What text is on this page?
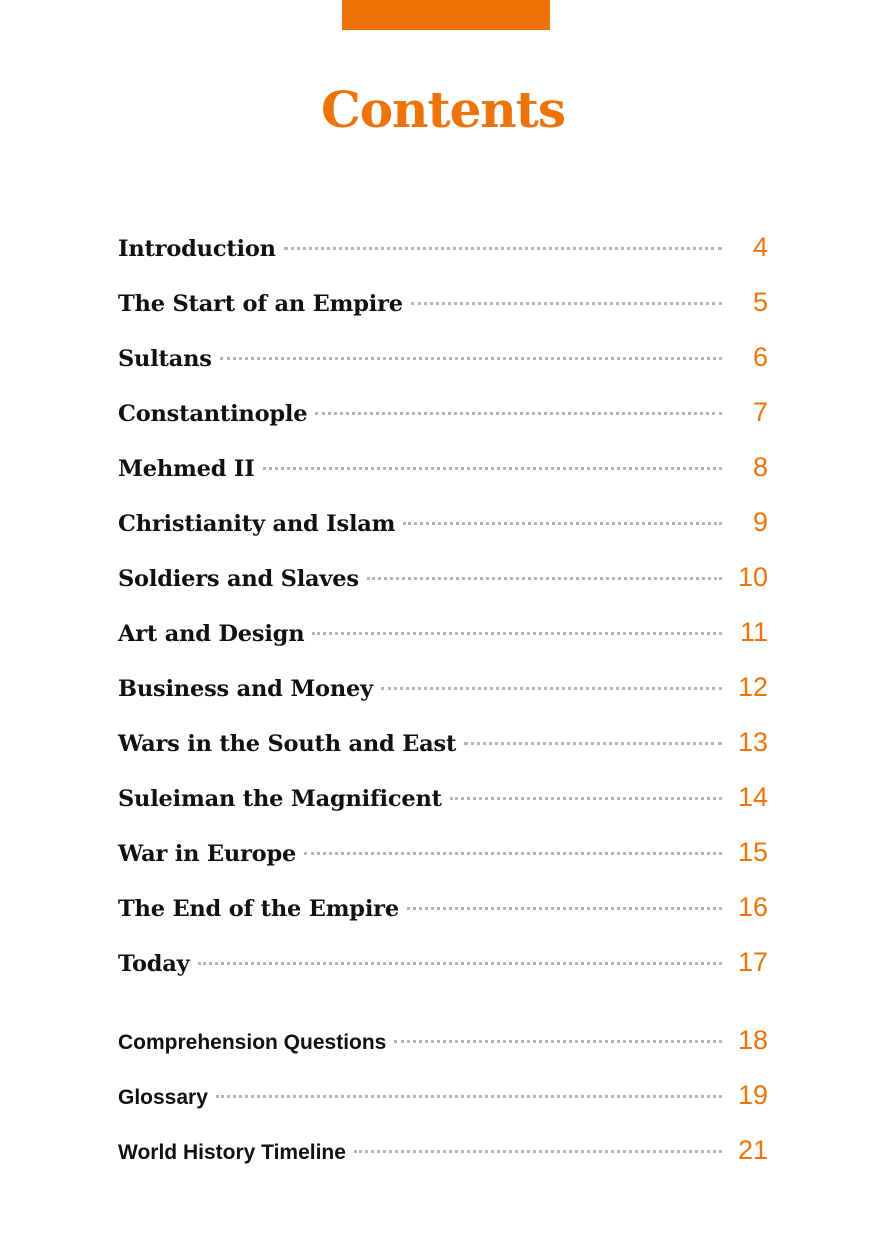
Contents
Introduction	4
The Start of an Empire	5
Sultans	6
Constantinople	7
Mehmed II	8
Christianity and Islam	9
Soldiers and Slaves	10
Art and Design	11
Business and Money	12
Wars in the South and East	13
Suleiman the Magnificent	14
War in Europe	15
The End of the Empire	16
Today	17
Comprehension Questions	18
Glossary	19
World History Timeline	21
